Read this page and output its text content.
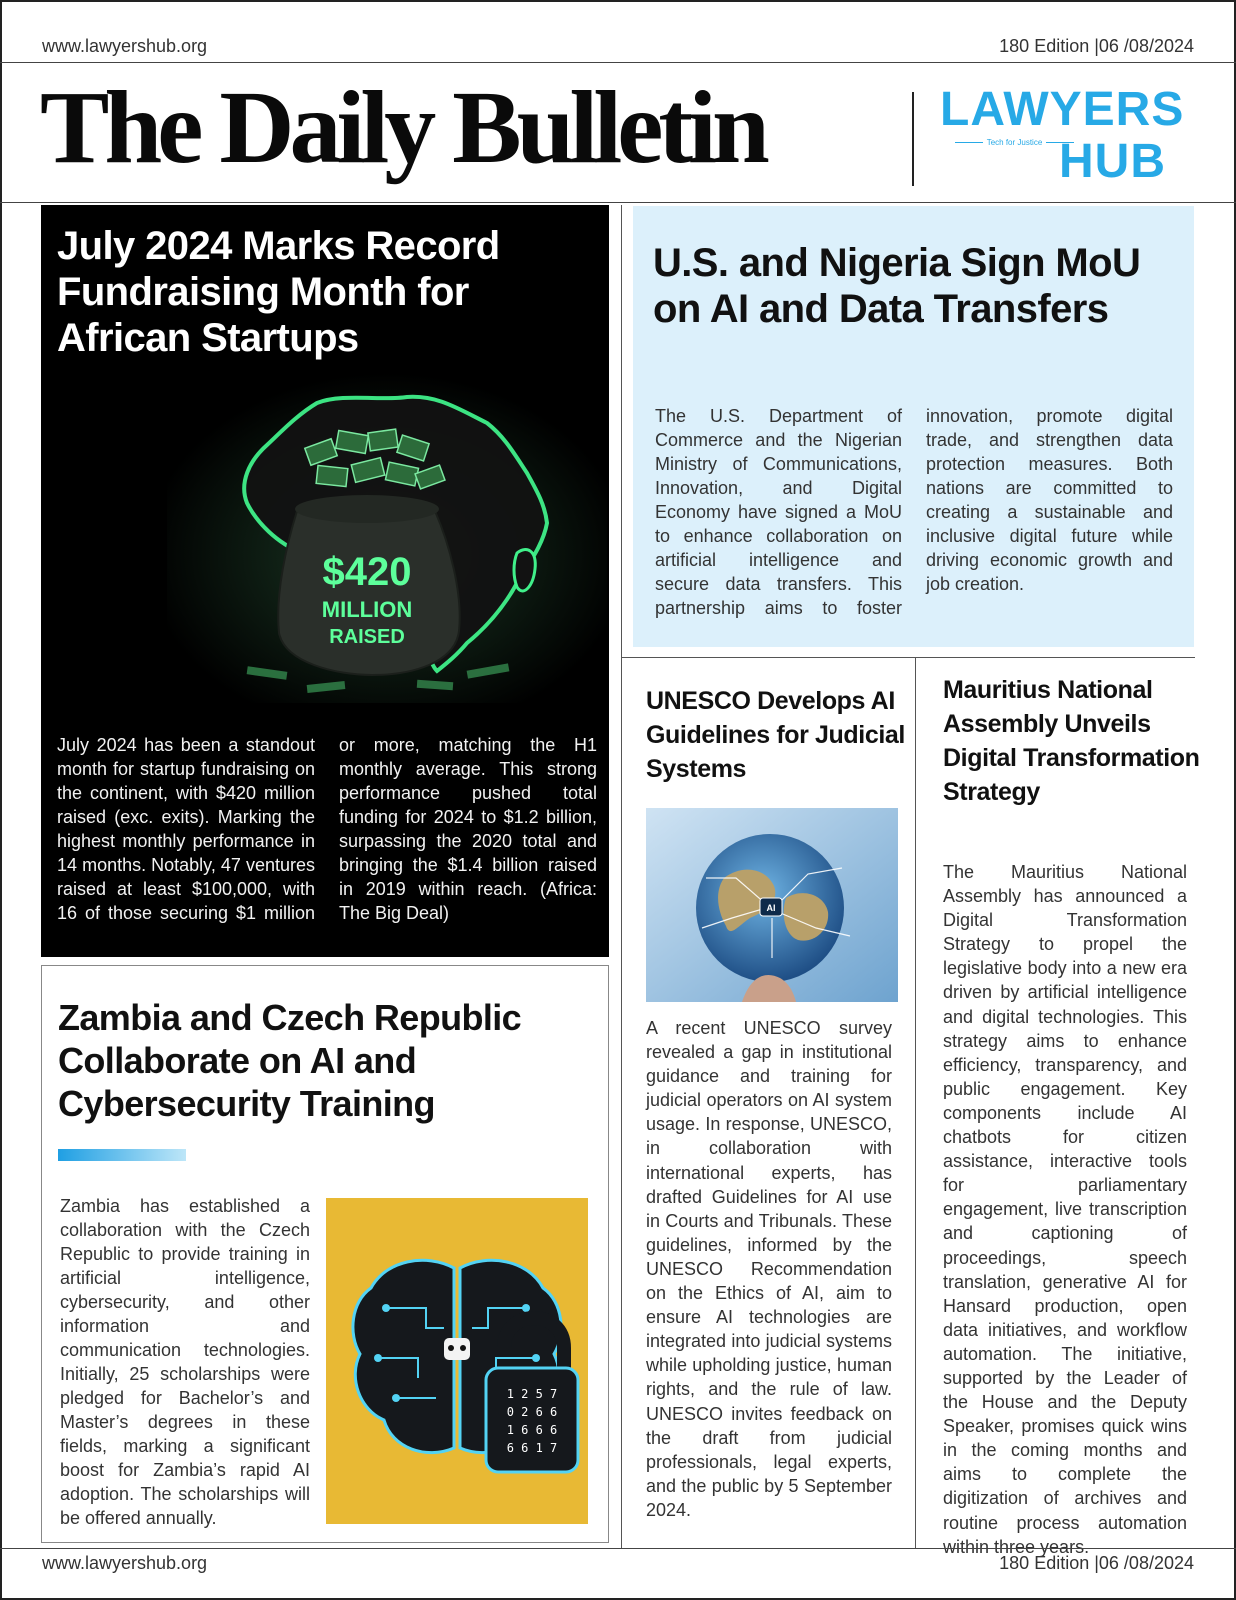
www.lawyershub.org	180 Edition |06 /08/2024
The Daily Bulletin	LAWYERS
Tech for Justice HUB
July 2024 Marks Record Fundraising Month for African Startups
$420
MILLION
RAISED
July 2024 has been a standout month for startup fundraising on the continent, with $420 million raised (exc. exits). Marking the highest monthly performance in 14 months. Notably, 47 ventures raised at least $100,000, with 16 of those securing $1 million or more, matching the H1 monthly average. This strong performance pushed total funding for 2024 to $1.2 billion, surpassing the 2020 total and bringing the $1.4 billion raised in 2019 within reach. (Africa: The Big Deal)
U.S. and Nigeria Sign MoU on AI and Data Transfers
The U.S. Department of Commerce and the Nigerian Ministry of Communications, Innovation, and Digital Economy have signed a MoU to enhance collaboration on artificial intelligence and secure data transfers. This partnership aims to foster innovation, promote digital trade, and strengthen data protection measures. Both nations are committed to creating a sustainable and inclusive digital future while driving economic growth and job creation.
Zambia and Czech Republic Collaborate on AI and Cybersecurity Training
Zambia has established a collaboration with the Czech Republic to provide training in artificial intelligence, cybersecurity, and other information and communication technologies. Initially, 25 scholarships were pledged for Bachelor’s and Master’s degrees in these fields, marking a significant boost for Zambia’s rapid AI adoption. The scholarships will be offered annually.
1 2 5 7
0 2 6 6
1 6 6 6
6 6 1 7
UNESCO Develops AI Guidelines for Judicial Systems
AI
A recent UNESCO survey revealed a gap in institutional guidance and training for judicial operators on AI system usage. In response, UNESCO, in collaboration with international experts, has drafted Guidelines for AI use in Courts and Tribunals. These guidelines, informed by the UNESCO Recommendation on the Ethics of AI, aim to ensure AI technologies are integrated into judicial systems while upholding justice, human rights, and the rule of law. UNESCO invites feedback on the draft from judicial professionals, legal experts, and the public by 5 September 2024.
Mauritius National Assembly Unveils Digital Transformation Strategy
The Mauritius National Assembly has announced a Digital Transformation Strategy to propel the legislative body into a new era driven by artificial intelligence and digital technologies. This strategy aims to enhance efficiency, transparency, and public engagement. Key components include AI chatbots for citizen assistance, interactive tools for parliamentary engagement, live transcription and captioning of proceedings, speech translation, generative AI for Hansard production, open data initiatives, and workflow automation. The initiative, supported by the Leader of the House and the Deputy Speaker, promises quick wins in the coming months and aims to complete the digitization of archives and routine process automation within three years.
www.lawyershub.org	180 Edition |06 /08/2024
